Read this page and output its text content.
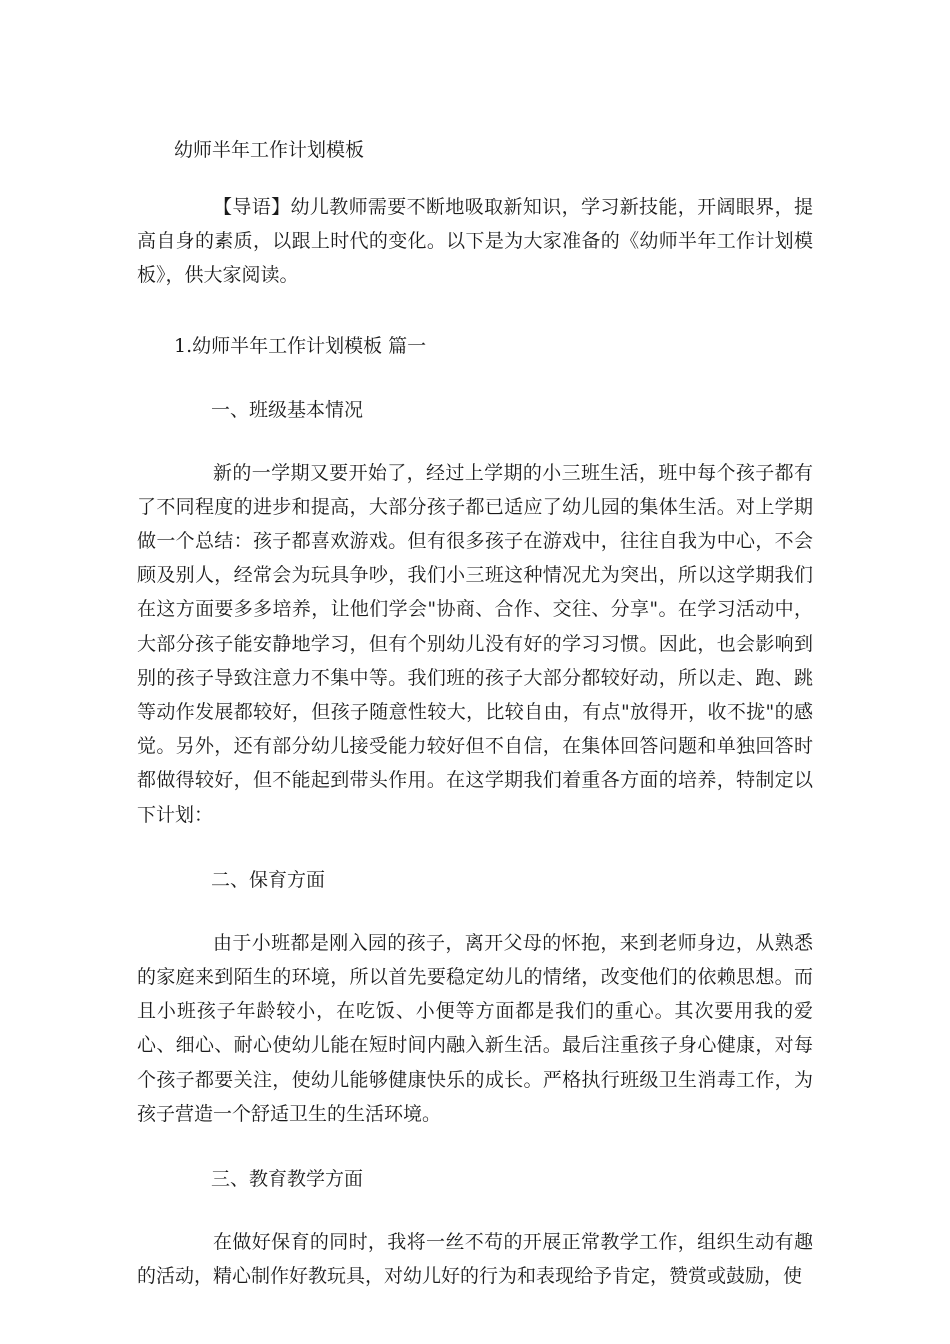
幼师半年工作计划模板

【导语】幼儿教师需要不断地吸取新知识，学习新技能，开阔眼界，提高自身的素质，以跟上时代的变化。以下是为大家准备的《幼师半年工作计划模板》，供大家阅读。

1.幼师半年工作计划模板 篇一
一、班级基本情况

新的一学期又要开始了，经过上学期的小三班生活，班中每个孩子都有了不同程度的进步和提高，大部分孩子都已适应了幼儿园的集体生活。对上学期做一个总结：孩子都喜欢游戏。但有很多孩子在游戏中，往往自我为中心，不会顾及别人，经常会为玩具争吵，我们小三班这种情况尤为突出，所以这学期我们在这方面要多多培养，让他们学会"协商、合作、交往、分享"。在学习活动中，大部分孩子能安静地学习，但有个别幼儿没有好的学习习惯。因此，也会影响到别的孩子导致注意力不集中等。我们班的孩子大部分都较好动，所以走、跑、跳等动作发展都较好，但孩子随意性较大，比较自由，有点"放得开，收不拢"的感觉。另外，还有部分幼儿接受能力较好但不自信，在集体回答问题和单独回答时都做得较好，但不能起到带头作用。在这学期我们着重各方面的培养，特制定以下计划：

二、保育方面

由于小班都是刚入园的孩子，离开父母的怀抱，来到老师身边，从熟悉的家庭来到陌生的环境，所以首先要稳定幼儿的情绪，改变他们的依赖思想。而且小班孩子年龄较小，在吃饭、小便等方面都是我们的重心。其次要用我的爱心、细心、耐心使幼儿能在短时间内融入新生活。最后注重孩子身心健康，对每个孩子都要关注，使幼儿能够健康快乐的成长。严格执行班级卫生消毒工作，为孩子营造一个舒适卫生的生活环境。

三、教育教学方面

在做好保育的同时，我将一丝不苟的开展正常教学工作，组织生动有趣的活动，精心制作好教玩具，对幼儿好的行为和表现给予肯定，赞赏或鼓励，使
